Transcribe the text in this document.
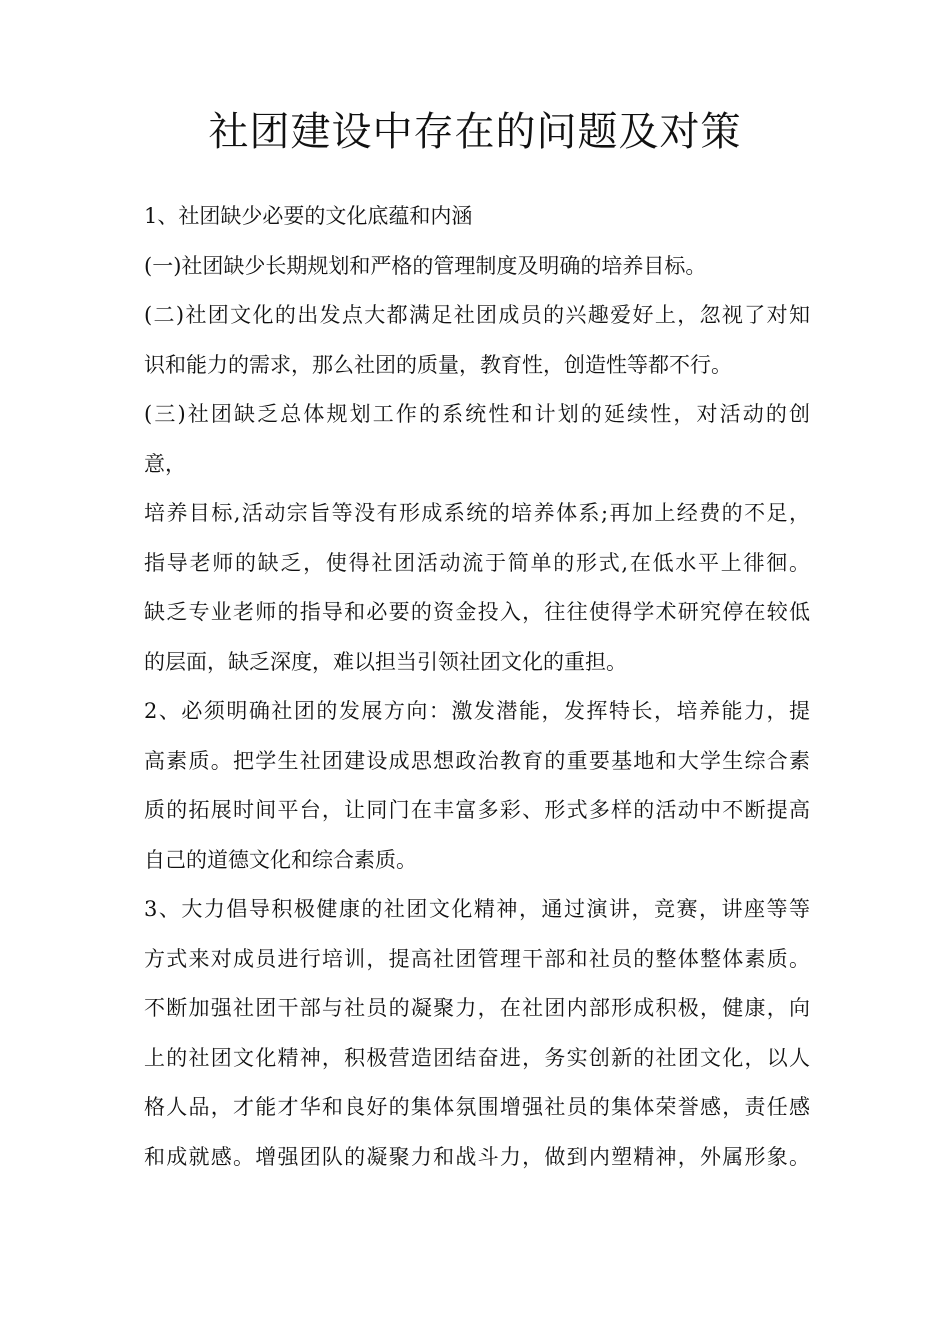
社团建设中存在的问题及对策
1、社团缺少必要的文化底蕴和内涵
(一)社团缺少长期规划和严格的管理制度及明确的培养目标。
(二)社团文化的出发点大都满足社团成员的兴趣爱好上，忽视了对知
识和能力的需求，那么社团的质量，教育性，创造性等都不行。
(三)社团缺乏总体规划工作的系统性和计划的延续性，对活动的创
意，
培养目标,活动宗旨等没有形成系统的培养体系;再加上经费的不足，
指导老师的缺乏，使得社团活动流于简单的形式,在低水平上徘徊。
缺乏专业老师的指导和必要的资金投入，往往使得学术研究停在较低
的层面，缺乏深度，难以担当引领社团文化的重担。
2、必须明确社团的发展方向：激发潜能，发挥特长，培养能力，提
高素质。把学生社团建设成思想政治教育的重要基地和大学生综合素
质的拓展时间平台，让同门在丰富多彩、形式多样的活动中不断提高
自己的道德文化和综合素质。
3、大力倡导积极健康的社团文化精神，通过演讲，竞赛，讲座等等
方式来对成员进行培训，提高社团管理干部和社员的整体整体素质。
不断加强社团干部与社员的凝聚力，在社团内部形成积极，健康，向
上的社团文化精神，积极营造团结奋进，务实创新的社团文化，以人
格人品，才能才华和良好的集体氛围增强社员的集体荣誉感，责任感
和成就感。增强团队的凝聚力和战斗力，做到内塑精神，外属形象。
